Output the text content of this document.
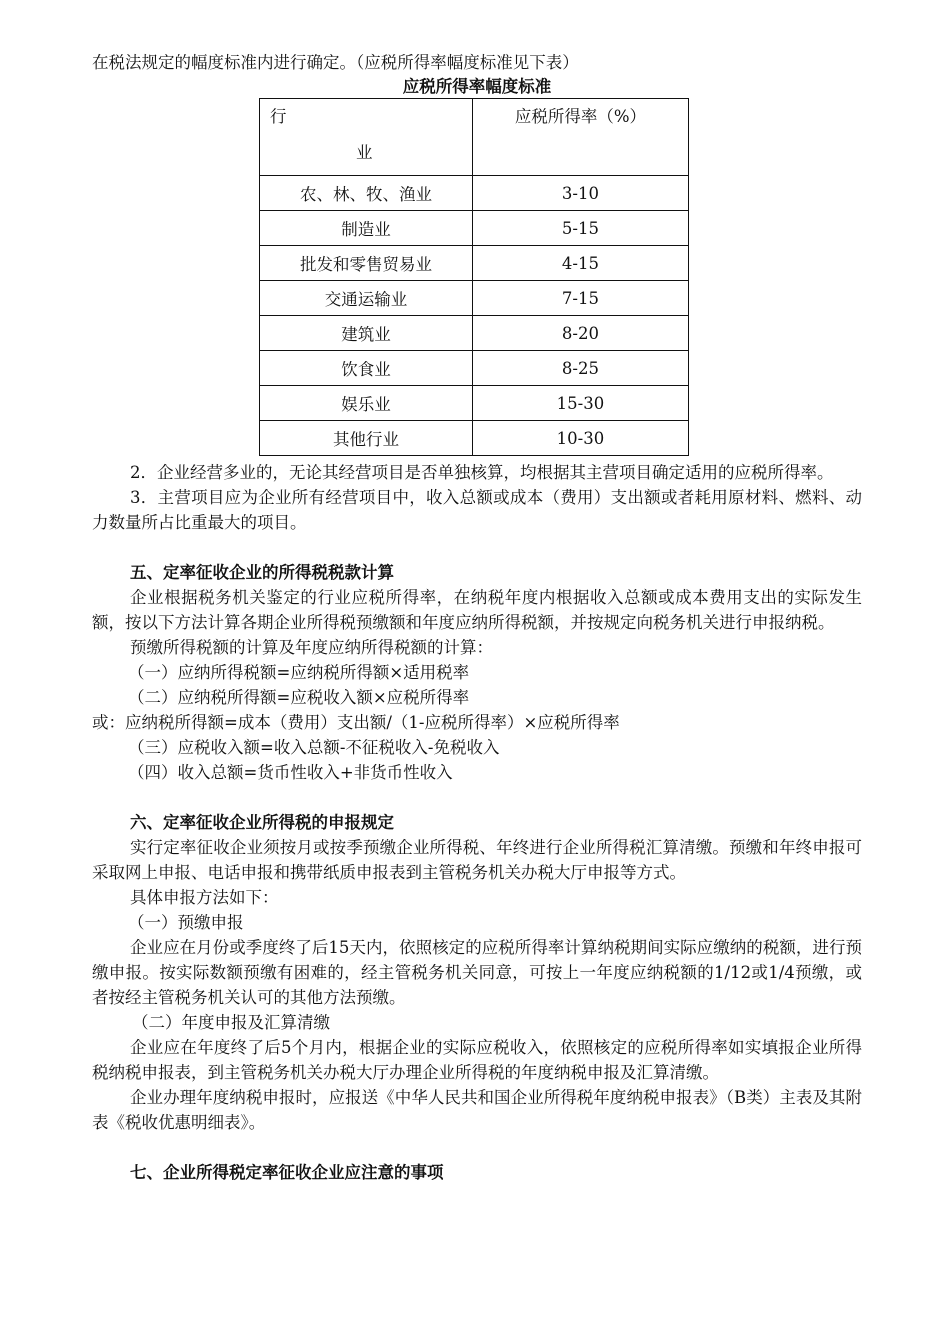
在税法规定的幅度标准内进行确定。（应税所得率幅度标准见下表）

应税所得率幅度标准
行
业	应税所得率（%）
农、林、牧、渔业	3-10
制造业	5-15
批发和零售贸易业	4-15
交通运输业	7-15
建筑业	8-20
饮食业	8-25
娱乐业	15-30
其他行业	10-30

2．企业经营多业的，无论其经营项目是否单独核算，均根据其主营项目确定适用的应税所得率。

3．主营项目应为企业所有经营项目中，收入总额或成本（费用）支出额或者耗用原材料、燃料、动力数量所占比重最大的项目。

五、定率征收企业的所得税税款计算

企业根据税务机关鉴定的行业应税所得率，在纳税年度内根据收入总额或成本费用支出的实际发生额，按以下方法计算各期企业所得税预缴额和年度应纳所得税额，并按规定向税务机关进行申报纳税。

预缴所得税额的计算及年度应纳所得税额的计算：

（一）应纳所得税额=应纳税所得额×适用税率

（二）应纳税所得额=应税收入额×应税所得率

或：应纳税所得额=成本（费用）支出额/（1-应税所得率）×应税所得率

（三）应税收入额=收入总额-不征税收入-免税收入

（四）收入总额=货币性收入+非货币性收入

六、定率征收企业所得税的申报规定

实行定率征收企业须按月或按季预缴企业所得税、年终进行企业所得税汇算清缴。预缴和年终申报可采取网上申报、电话申报和携带纸质申报表到主管税务机关办税大厅申报等方式。

具体申报方法如下：

（一）预缴申报

企业应在月份或季度终了后15天内，依照核定的应税所得率计算纳税期间实际应缴纳的税额，进行预缴申报。按实际数额预缴有困难的，经主管税务机关同意，可按上一年度应纳税额的1/12或1/4预缴，或者按经主管税务机关认可的其他方法预缴。

（二）年度申报及汇算清缴

企业应在年度终了后5个月内，根据企业的实际应税收入，依照核定的应税所得率如实填报企业所得税纳税申报表，到主管税务机关办税大厅办理企业所得税的年度纳税申报及汇算清缴。

企业办理年度纳税申报时，应报送《中华人民共和国企业所得税年度纳税申报表》（B类）主表及其附表《税收优惠明细表》。

七、企业所得税定率征收企业应注意的事项
